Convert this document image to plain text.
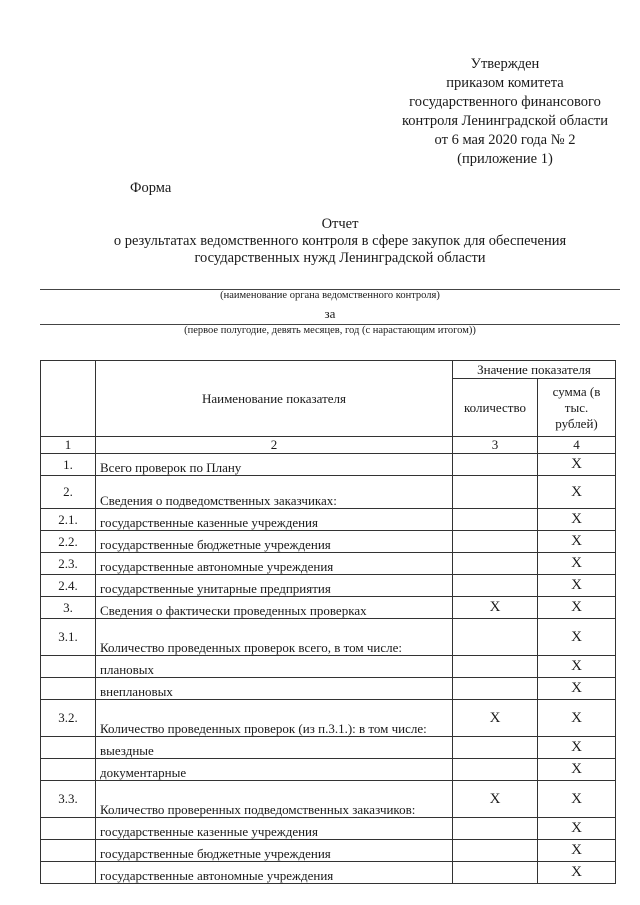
Утвержден
приказом комитета
государственного финансового
контроля Ленинградской области
от 6 мая 2020 года № 2
(приложение 1)
Форма
Отчет
о результатах ведомственного контроля в сфере закупок для обеспечения
государственных нужд Ленинградской области
(наименование органа ведомственного контроля)
за
(первое полугодие, девять месяцев, год (с нарастающим итогом))
	Наименование показателя	Значение показателя	
		количество	сумма (в тыс. рублей)
1	2	3	4
1.	Всего проверок по Плану		X
2.	Сведения о подведомственных заказчиках:		X
2.1.	государственные казенные учреждения		X
2.2.	государственные бюджетные учреждения		X
2.3.	государственные автономные учреждения		X
2.4.	государственные унитарные предприятия		X
3.	Сведения о фактически проведенных проверках	X	X
3.1.	Количество проведенных проверок всего, в том числе:		X
	плановых		X
	внеплановых		X
3.2.	Количество проведенных проверок (из п.3.1.): в том числе:	X	X
	выездные		X
	документарные		X
3.3.	Количество проверенных подведомственных заказчиков:	X	X
	государственные казенные учреждения		X
	государственные бюджетные учреждения		X
	государственные автономные учреждения		X
